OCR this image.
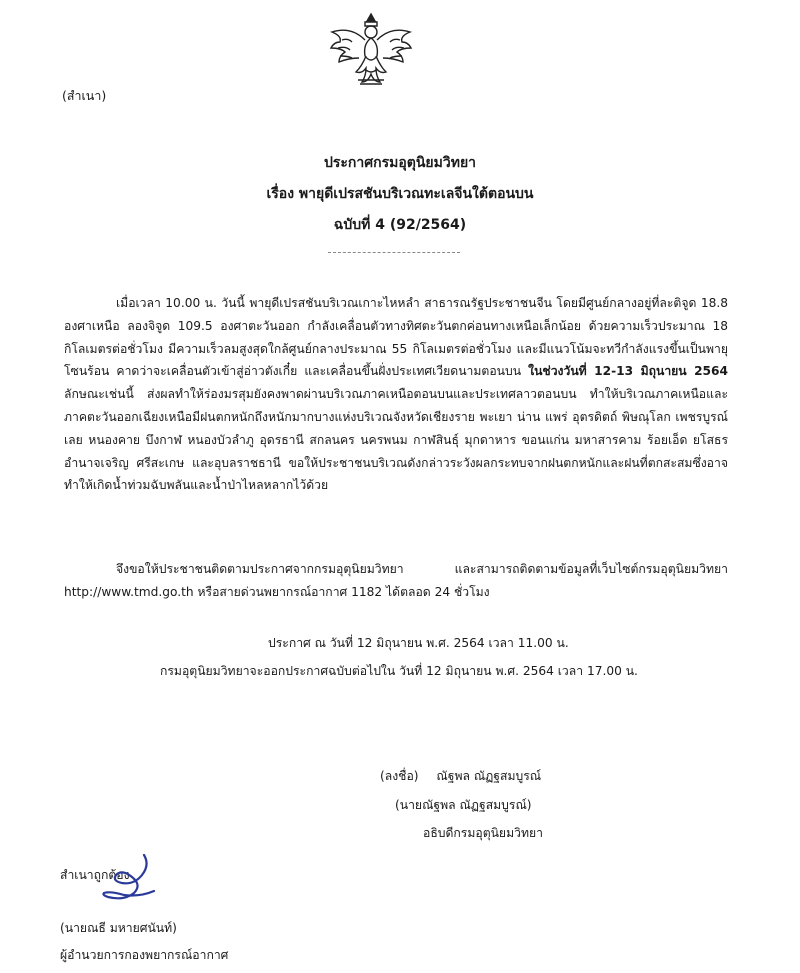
(สำเนา)
ประกาศกรมอุตุนิยมวิทยา
เรื่อง พายุดีเปรสชันบริเวณทะเลจีนใต้ตอนบน
ฉบับที่ 4 (92/2564)
เมื่อเวลา 10.00 น. วันนี้ พายุดีเปรสชันบริเวณเกาะไหหลำ สาธารณรัฐประชาชนจีน โดยมีศูนย์กลางอยู่ที่ละติจูด 18.8 องศาเหนือ ลองจิจูด 109.5 องศาตะวันออก กำลังเคลื่อนตัวทางทิศตะวันตกค่อนทางเหนือเล็กน้อย ด้วยความเร็วประมาณ 18 กิโลเมตรต่อชั่วโมง มีความเร็วลมสูงสุดใกล้ศูนย์กลางประมาณ 55 กิโลเมตรต่อชั่วโมง และมีแนวโน้มจะทวีกำลังแรงขึ้นเป็นพายุโซนร้อน คาดว่าจะเคลื่อนตัวเข้าสู่อ่าวตังเกี๋ย และเคลื่อนขึ้นฝั่งประเทศเวียดนามตอนบน ในช่วงวันที่ 12-13 มิถุนายน 2564 ลักษณะเช่นนี้ ส่งผลทำให้ร่องมรสุมยังคงพาดผ่านบริเวณภาคเหนือตอนบนและประเทศลาวตอนบน ทำให้บริเวณภาคเหนือและภาคตะวันออกเฉียงเหนือมีฝนตกหนักถึงหนักมากบางแห่งบริเวณจังหวัดเชียงราย พะเยา น่าน แพร่ อุตรดิตถ์ พิษณุโลก เพชรบูรณ์ เลย หนองคาย บึงกาฬ หนองบัวลำภู อุดรธานี สกลนคร นครพนม กาฬสินธุ์ มุกดาหาร ขอนแก่น มหาสารคาม ร้อยเอ็ด ยโสธร อำนาจเจริญ ศรีสะเกษ และอุบลราชธานี ขอให้ประชาชนบริเวณดังกล่าวระวังผลกระทบจากฝนตกหนักและฝนที่ตกสะสมซึ่งอาจทำให้เกิดน้ำท่วมฉับพลันและน้ำป่าไหลหลากไว้ด้วย
จึงขอให้ประชาชนติดตามประกาศจากกรมอุตุนิยมวิทยา และสามารถติดตามข้อมูลที่เว็บไซต์กรมอุตุนิยมวิทยา http://www.tmd.go.th หรือสายด่วนพยากรณ์อากาศ 1182 ได้ตลอด 24 ชั่วโมง
ประกาศ ณ วันที่ 12 มิถุนายน พ.ศ. 2564 เวลา 11.00 น.
กรมอุตุนิยมวิทยาจะออกประกาศฉบับต่อไปใน วันที่ 12 มิถุนายน พ.ศ. 2564 เวลา 17.00 น.
(ลงชื่อ) ณัฐพล ณัฏฐสมบูรณ์
(นายณัฐพล ณัฏฐสมบูรณ์)
อธิบดีกรมอุตุนิยมวิทยา
สำเนาถูกต้อง
(นายณธี มหายศนันท์)
ผู้อำนวยการกองพยากรณ์อากาศ
